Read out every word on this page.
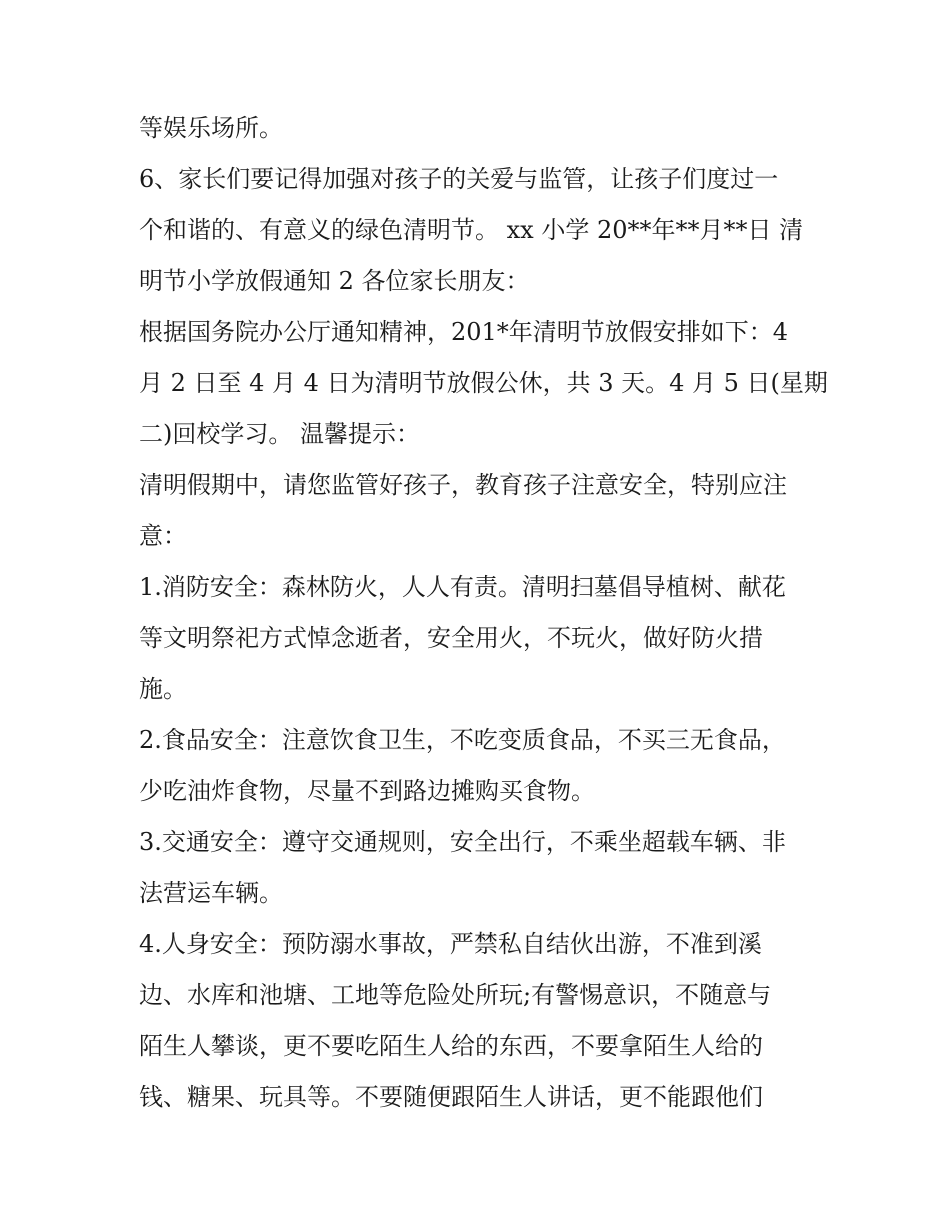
等娱乐场所。
6、家长们要记得加强对孩子的关爱与监管，让孩子们度过一
个和谐的、有意义的绿色清明节。 xx 小学 20**年**月**日 清
明节小学放假通知 2 各位家长朋友：
根据国务院办公厅通知精神，201*年清明节放假安排如下：4
月 2 日至 4 月 4 日为清明节放假公休，共 3 天。4 月 5 日(星期
二)回校学习。 温馨提示：
清明假期中，请您监管好孩子，教育孩子注意安全，特别应注
意：
1.消防安全：森林防火，人人有责。清明扫墓倡导植树、献花
等文明祭祀方式悼念逝者，安全用火，不玩火，做好防火措
施。
2.食品安全：注意饮食卫生，不吃变质食品，不买三无食品，
少吃油炸食物，尽量不到路边摊购买食物。
3.交通安全：遵守交通规则，安全出行，不乘坐超载车辆、非
法营运车辆。
4.人身安全：预防溺水事故，严禁私自结伙出游，不准到溪
边、水库和池塘、工地等危险处所玩;有警惕意识，不随意与
陌生人攀谈，更不要吃陌生人给的东西，不要拿陌生人给的
钱、糖果、玩具等。不要随便跟陌生人讲话，更不能跟他们
